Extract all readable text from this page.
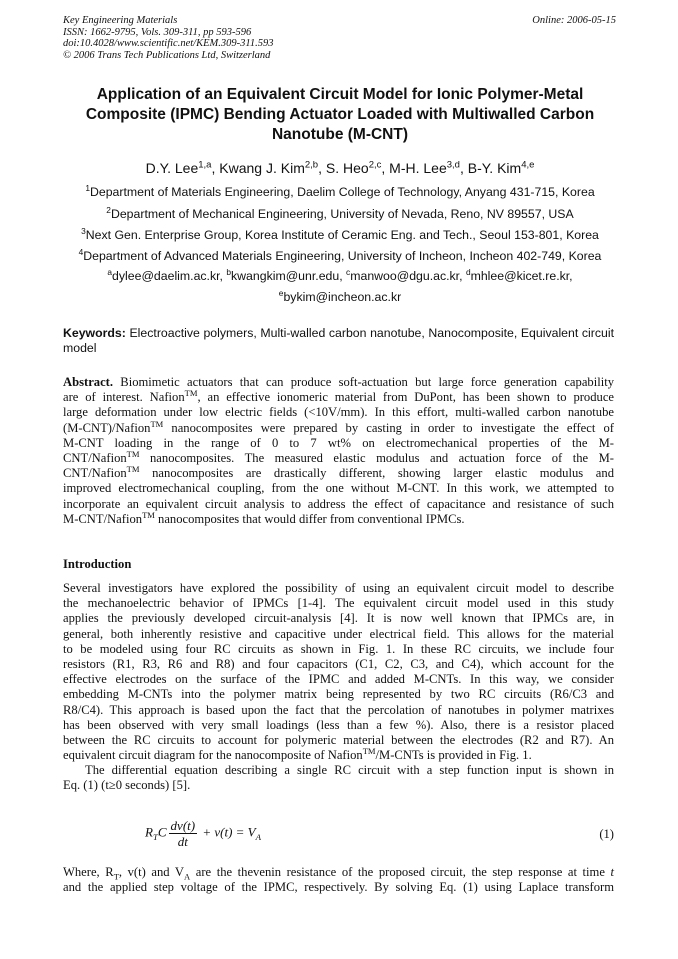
Key Engineering Materials
ISSN: 1662-9795, Vols. 309-311, pp 593-596
doi:10.4028/www.scientific.net/KEM.309-311.593
© 2006 Trans Tech Publications Ltd, Switzerland
Online: 2006-05-15
Application of an Equivalent Circuit Model for Ionic Polymer-Metal
Composite (IPMC) Bending Actuator Loaded with Multiwalled Carbon
Nanotube (M-CNT)
D.Y. Lee$^{1,a}$, Kwang J. Kim$^{2,b}$, S. Heo$^{2,c}$, M-H. Lee$^{3,d}$, B-Y. Kim$^{4,e}$
$^1$Department of Materials Engineering, Daelim College of Technology, Anyang 431-715, Korea
$^2$Department of Mechanical Engineering, University of Nevada, Reno, NV 89557, USA
$^3$Next Gen. Enterprise Group, Korea Institute of Ceramic Eng. and Tech., Seoul 153-801, Korea
$^4$Department of Advanced Materials Engineering, University of Incheon, Incheon 402-749, Korea
$^a$dylee@daelim.ac.kr, $^b$kwangkim@unr.edu, $^c$manwoo@dgu.ac.kr, $^d$mhlee@kicet.re.kr,
$^e$bykim@incheon.ac.kr
Keywords: Electroactive polymers, Multi-walled carbon nanotube, Nanocomposite, Equivalent circuit model
Abstract. Biomimetic actuators that can produce soft-actuation but large force generation capability
are of interest. Nafion™, an effective ionomeric material from DuPont, has been shown to produce
large deformation under low electric fields (<10V/mm). In this effort, multi-walled carbon nanotube
(M-CNT)/Nafion™ nanocomposites were prepared by casting in order to investigate the effect of
M-CNT loading in the range of 0 to 7 wt% on electromechanical properties of the M-
CNT/Nafion™ nanocomposites. The measured elastic modulus and actuation force of the M-
CNT/Nafion™ nanocomposites are drastically different, showing larger elastic modulus and
improved electromechanical coupling, from the one without M-CNT. In this work, we attempted to
incorporate an equivalent circuit analysis to address the effect of capacitance and resistance of such
M-CNT/Nafion™ nanocomposites that would differ from conventional IPMCs.
Introduction
Several investigators have explored the possibility of using an equivalent circuit model to describe
the mechanoelectric behavior of IPMCs [1-4]. The equivalent circuit model used in this study
applies the previously developed circuit-analysis [4]. It is now well known that IPMCs are, in
general, both inherently resistive and capacitive under electrical field. This allows for the material
to be modeled using four RC circuits as shown in Fig. 1. In these RC circuits, we include four
resistors (R1, R3, R6 and R8) and four capacitors (C1, C2, C3, and C4), which account for the
effective electrodes on the surface of the IPMC and added M-CNTs. In this way, we consider
embedding M-CNTs into the polymer matrix being represented by two RC circuits (R6/C3 and
R8/C4). This approach is based upon the fact that the percolation of nanotubes in polymer matrixes
has been observed with very small loadings (less than a few %). Also, there is a resistor placed
between the RC circuits to account for polymeric material between the electrodes (R2 and R7). An
equivalent circuit diagram for the nanocomposite of Nafion™/M-CNTs is provided in Fig. 1.
The differential equation describing a single RC circuit with a step function input is shown in
Eq. (1) (t≥0 seconds) [5].
$R_TC \frac{dv(t)}{dt} + v(t) = V_A$	(1)
Where, $R_T$, v(t) and $V_A$ are the thevenin resistance of the proposed circuit, the step response at time t
and the applied step voltage of the IPMC, respectively. By solving Eq. (1) using Laplace transform
